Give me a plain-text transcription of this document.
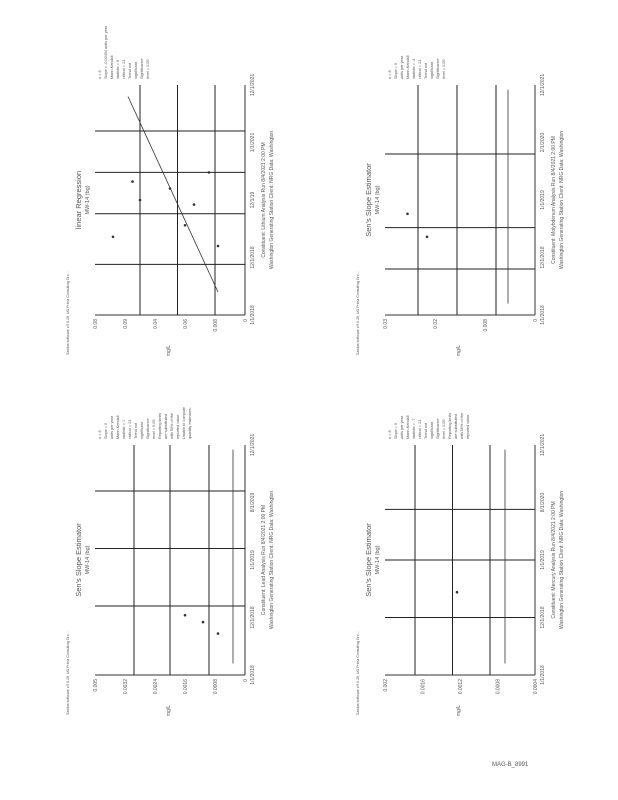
MAG-B_8991
0.08	0.09	0.04	0.06	0.008	0
mg/L
1/1/2018
12/1/2018
12/1/19
1/1/2021
12/1/2021
linear Regression MW-14 (bg)
Sanitas software v.9.6.28, UG Prima Consulting Gro...
Constituent: Lithium Analysis Run 8/4/2021 2:00 PM Washington Generating Station Client: NRG Data: Washington
n = 8 Slope = -0.00494 units per year Mann-Kendall statistic = 6 critical = 23 Trend not significant Significance level = 0.05
0.03	0.02	0.008	0
mg/L
1/1/2018
12/1/2018
1/1/2019
2/1/2020
12/1/2021
Sen's Slope Estimator MW-14 (bg)
Sanitas software v.9.6.28, UG Prima Consulting Gro...
Constituent: Molybdenum Analysis Run 8/4/2021 2:00 PM Washington Generating Station Client: NRG Data: Washington
n = 8 Slope = 0 units per year Mann-Kendall statistic = -4 critical = 23 Trend not significant Significance level = 0.05
0.005	0.0032	0.0024	0.0016	0.0008	0
mg/L
1/1/2018
12/1/2018
1/1/2019
8/1/2019
12/1/2021
Sen's Slope Estimator MW-14 (bg)
Sanitas software v.9.6.28, UG Prima Consulting Gro...
Constituent: Lead Analysis Run 8/4/2021 2:00 PM Washington Generating Station Client: NRG Data: Washington
n = 8 Slope = 0 units per year Mann-Kendall statistic = 1 critical = 23 Trend not significant Significance level = 0.05 Reporting limits are substituted with 50% of the reported value. Unable to compute quantity estimates.
0.002	0.0016	0.0012	0.0008	0.0004
mg/L
1/1/2018
12/1/2018
1/1/2019
8/1/2020
12/1/2021
Sen's Slope Estimator MW-14 (bg)
Sanitas software v.9.6.28, UG Prima Consulting Gro...
Constituent: Mercury Analysis Run 8/4/2021 2:00 PM Washington Generating Station Client: NRG Data: Washington
n = 8 Slope = 0 units per year Mann-Kendall statistic = -7 critical = 23 Trend not significant Significance level = 0.05 Reporting limits are substituted with 50% of the reported value.
